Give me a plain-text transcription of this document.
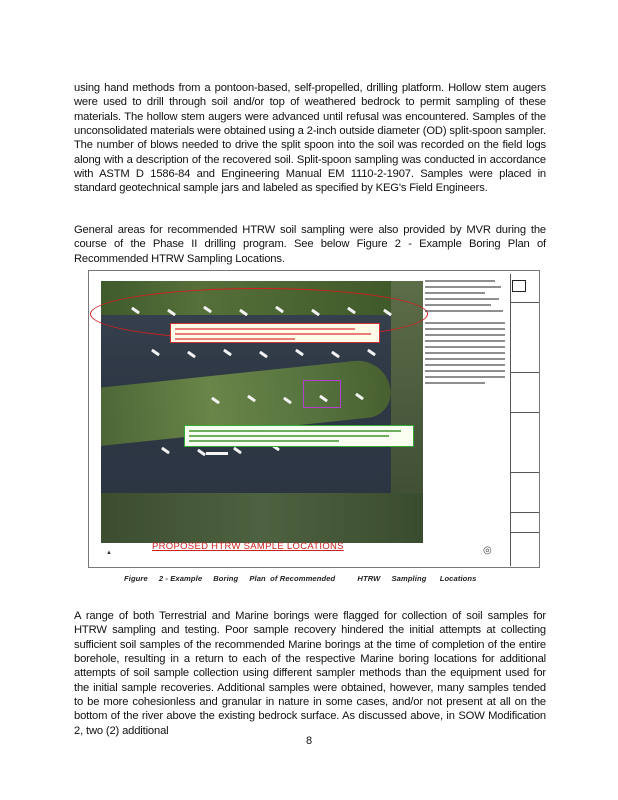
using hand methods from a pontoon-based, self-propelled, drilling platform. Hollow stem augers were used to drill through soil and/or top of weathered bedrock to permit sampling of these materials. The hollow stem augers were advanced until refusal was encountered. Samples of the unconsolidated materials were obtained using a 2-inch outside diameter (OD) split-spoon sampler. The number of blows needed to drive the split spoon into the soil was recorded on the field logs along with a description of the recovered soil. Split-spoon sampling was conducted in accordance with ASTM D 1586-84 and Engineering Manual EM 1110-2-1907. Samples were placed in standard geotechnical sample jars and labeled as specified by KEG's Field Engineers.

General areas for recommended HTRW soil sampling were also provided by MVR during the course of the Phase II drilling program. See below Figure 2 - Example Boring Plan of Recommended HTRW Sampling Locations.

PROPOSED HTRW SAMPLE LOCATIONS
▲	◎
Figure     2 - Example     Boring     Plan  of Recommended          HTRW     Sampling      Locations

A range of both Terrestrial and Marine borings were flagged for collection of soil samples for HTRW sampling and testing. Poor sample recovery hindered the initial attempts at collecting sufficient soil samples of the recommended Marine borings at the time of completion of the entire borehole, resulting in a return to each of the respective Marine boring locations for additional attempts of soil sample collection using different sampler methods than the equipment used for the initial sample recoveries. Additional samples were obtained, however, many samples tended to be more cohesionless and granular in nature in some cases, and/or not present at all on the bottom of the river above the existing bedrock surface. As discussed above, in SOW Modification 2, two (2) additional

8
